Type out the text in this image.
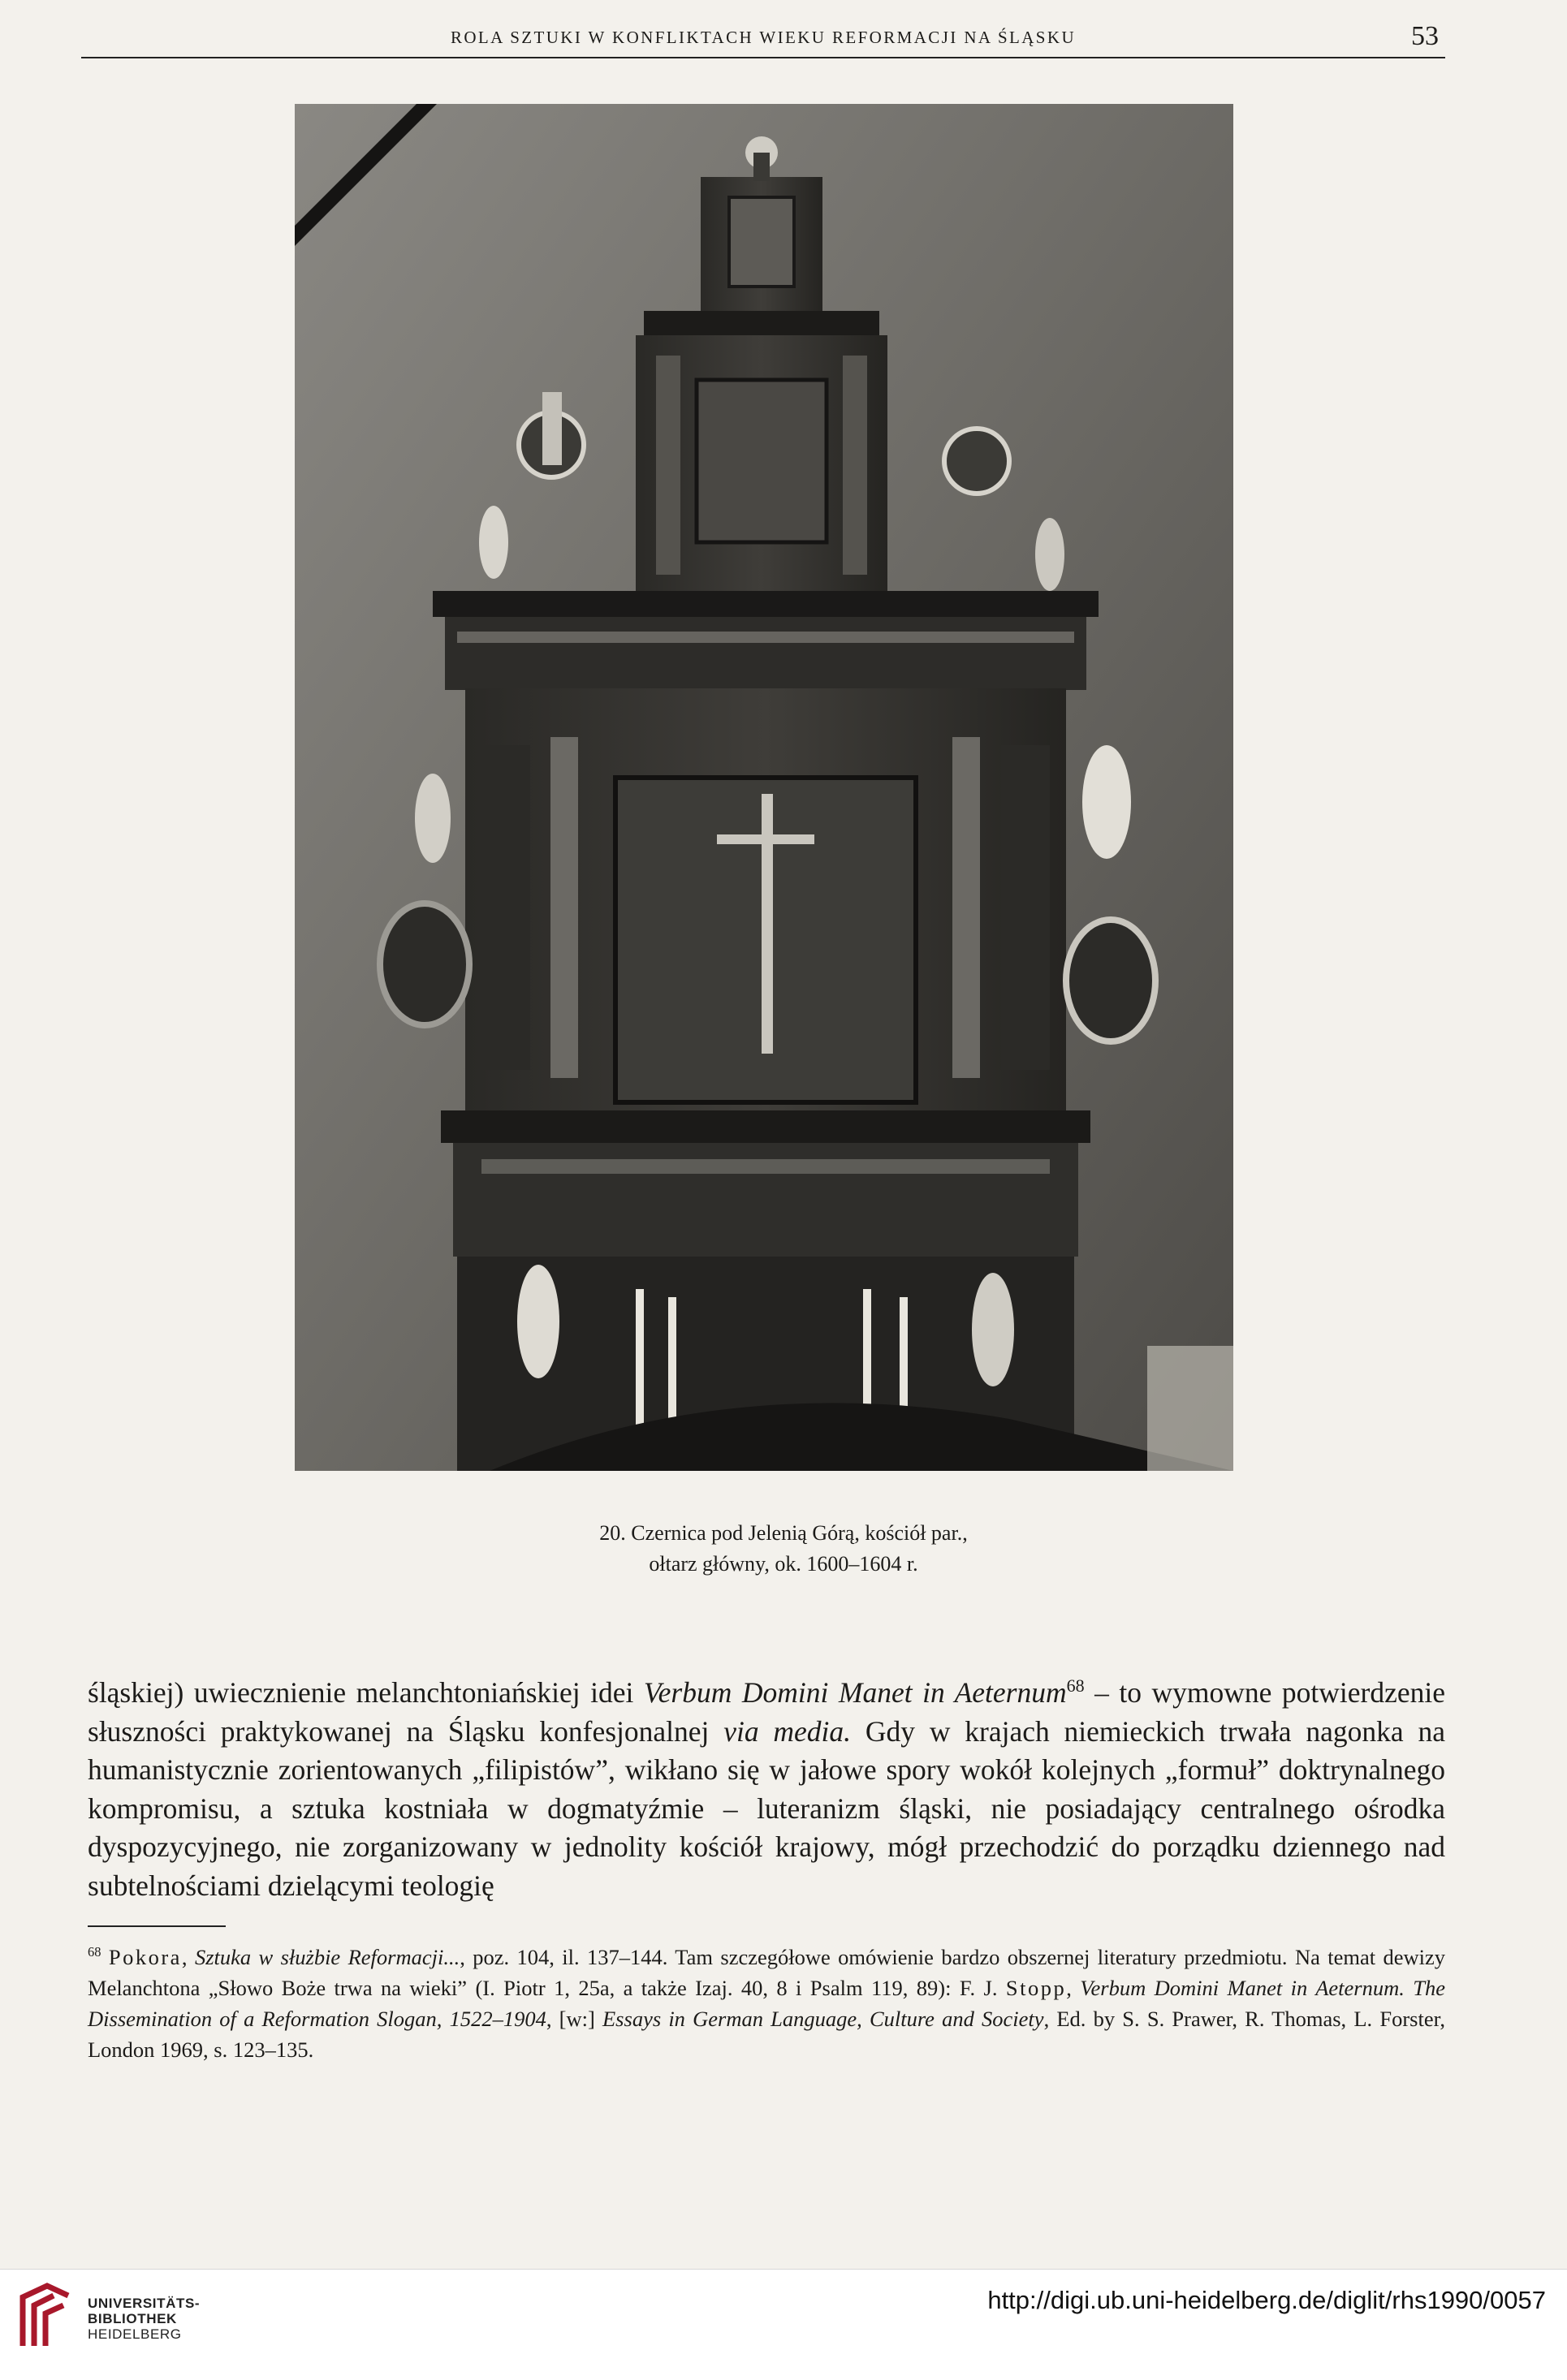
ROLA SZTUKI W KONFLIKTACH WIEKU REFORMACJI NA ŚLĄSKU	53
20. Czernica pod Jelenią Górą, kościół par.,
ołtarz główny, ok. 1600–1604 r.

śląskiej) uwiecznienie melanchtoniańskiej idei Verbum Domini Manet in Aeternum$^{68}$ – to wymowne potwierdzenie słuszności praktykowanej na Śląsku konfesjonalnej via media. Gdy w krajach niemieckich trwała nagonka na humanistycznie zorientowanych „filipistów”, wikłano się w jałowe spory wokół kolejnych „formuł” doktrynalnego kompromisu, a sztuka kostniała w dogmatyźmie – luteranizm śląski, nie posiadający centralnego ośrodka dyspozycyjnego, nie zorganizowany w jednolity kościół krajowy, mógł przechodzić do porządku dziennego nad subtelnościami dzielącymi teologię

$^{68}$ Pokora, Sztuka w służbie Reformacji..., poz. 104, il. 137–144. Tam szczegółowe omówienie bardzo obszernej literatury przedmiotu. Na temat dewizy Melanchtona „Słowo Boże trwa na wieki” (I. Piotr 1, 25a, a także Izaj. 40, 8 i Psalm 119, 89): F. J. Stopp, Verbum Domini Manet in Aeternum. The Dissemination of a Reformation Slogan, 1522–1904, [w:] Essays in German Language, Culture and Society, Ed. by S. S. Prawer, R. Thomas, L. Forster, London 1969, s. 123–135.

UNIVERSITÄTS-
BIBLIOTHEK
HEIDELBERG
http://digi.ub.uni-heidelberg.de/diglit/rhs1990/0057
